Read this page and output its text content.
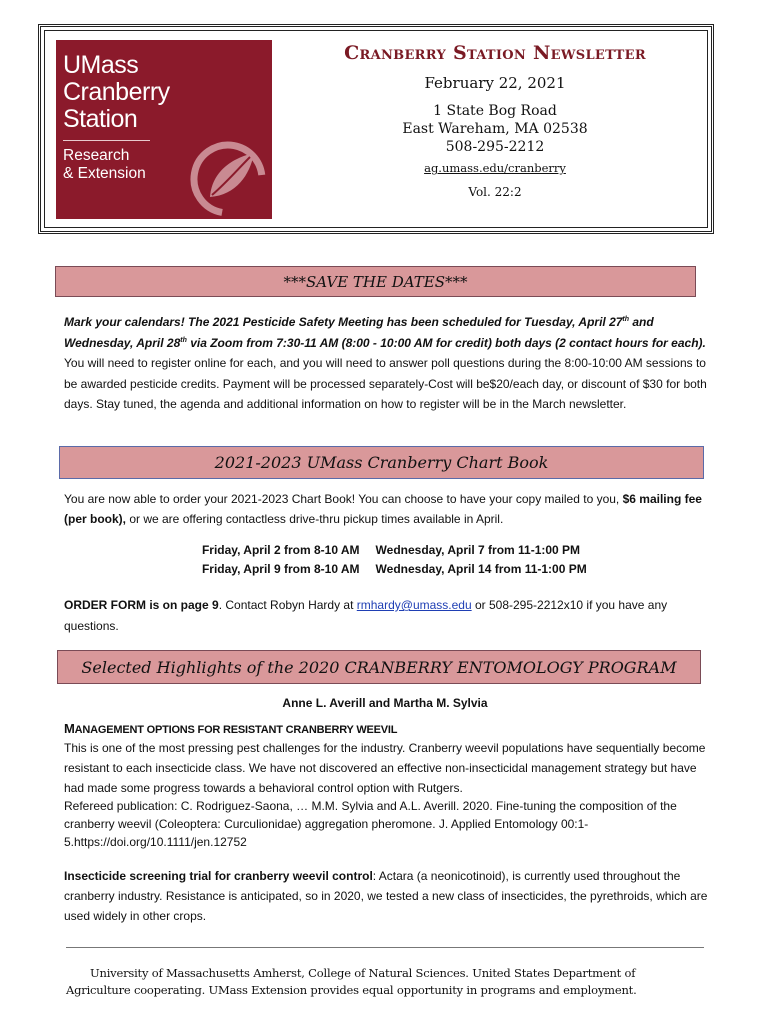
UMass
Cranberry
Station
Research
& Extension
Cranberry Station Newsletter
February 22, 2021
1 State Bog Road
East Wareham, MA 02538
508-295-2212
ag.umass.edu/cranberry
Vol. 22:2
***SAVE THE DATES***
Mark your calendars! The 2021 Pesticide Safety Meeting has been scheduled for Tuesday, April 27th and Wednesday, April 28th via Zoom from 7:30-11 AM (8:00 - 10:00 AM for credit) both days (2 contact hours for each). You will need to register online for each, and you will need to answer poll questions during the 8:00-10:00 AM sessions to be awarded pesticide credits. Payment will be processed separately-Cost will be$20/each day, or discount of $30 for both days. Stay tuned, the agenda and additional information on how to register will be in the March newsletter.
2021-2023 UMass Cranberry Chart Book
You are now able to order your 2021-2023 Chart Book! You can choose to have your copy mailed to you, $6 mailing fee (per book), or we are offering contactless drive-thru pickup times available in April.
Friday, April 2 from 8-10 AM	Wednesday, April 7 from 11-1:00 PM
Friday, April 9 from 8-10 AM	Wednesday, April 14 from 11-1:00 PM
ORDER FORM is on page 9. Contact Robyn Hardy at rmhardy@umass.edu or 508-295-2212x10 if you have any questions.
Selected Highlights of the 2020 CRANBERRY ENTOMOLOGY PROGRAM
Anne L. Averill and Martha M. Sylvia
MANAGEMENT OPTIONS FOR RESISTANT CRANBERRY WEEVIL
This is one of the most pressing pest challenges for the industry. Cranberry weevil populations have sequentially become resistant to each insecticide class. We have not discovered an effective non-insecticidal management strategy but have had made some progress towards a behavioral control option with Rutgers.
Refereed publication: C. Rodriguez-Saona, … M.M. Sylvia and A.L. Averill. 2020. Fine-tuning the composition of the cranberry weevil (Coleoptera: Curculionidae) aggregation pheromone. J. Applied Entomology 00:1-5.https://doi.org/10.1111/jen.12752
Insecticide screening trial for cranberry weevil control: Actara (a neonicotinoid), is currently used throughout the cranberry industry. Resistance is anticipated, so in 2020, we tested a new class of insecticides, the pyrethroids, which are used widely in other crops.
University of Massachusetts Amherst, College of Natural Sciences. United States Department of Agriculture cooperating. UMass Extension provides equal opportunity in programs and employment.
